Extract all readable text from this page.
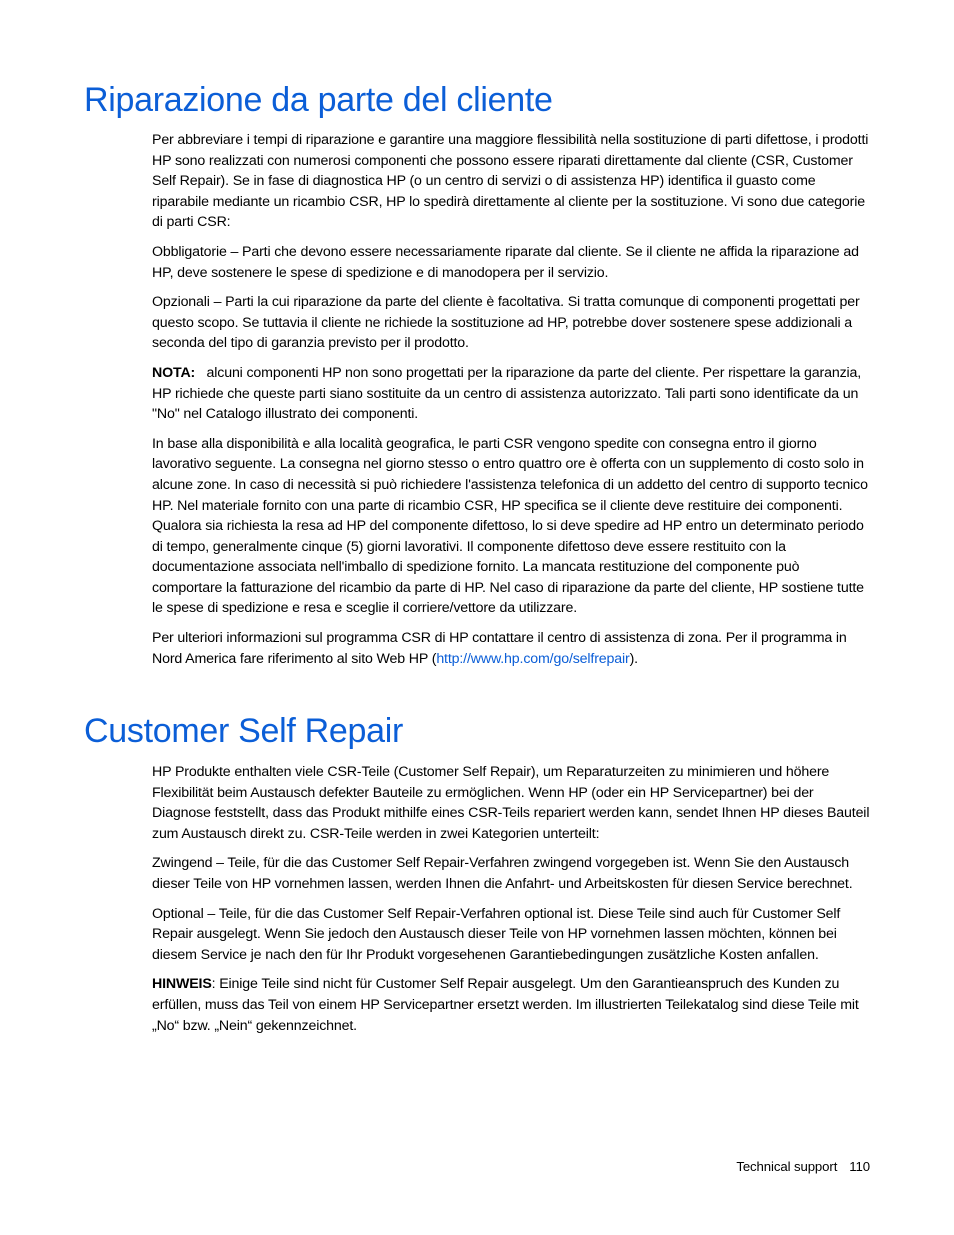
Riparazione da parte del cliente

Per abbreviare i tempi di riparazione e garantire una maggiore flessibilità nella sostituzione di parti difettose, i prodotti HP sono realizzati con numerosi componenti che possono essere riparati direttamente dal cliente (CSR, Customer Self Repair). Se in fase di diagnostica HP (o un centro di servizi o di assistenza HP) identifica il guasto come riparabile mediante un ricambio CSR, HP lo spedirà direttamente al cliente per la sostituzione. Vi sono due categorie di parti CSR:

Obbligatorie – Parti che devono essere necessariamente riparate dal cliente. Se il cliente ne affida la riparazione ad HP, deve sostenere le spese di spedizione e di manodopera per il servizio.

Opzionali – Parti la cui riparazione da parte del cliente è facoltativa. Si tratta comunque di componenti progettati per questo scopo. Se tuttavia il cliente ne richiede la sostituzione ad HP, potrebbe dover sostenere spese addizionali a seconda del tipo di garanzia previsto per il prodotto.

NOTA: alcuni componenti HP non sono progettati per la riparazione da parte del cliente. Per rispettare la garanzia, HP richiede che queste parti siano sostituite da un centro di assistenza autorizzato. Tali parti sono identificate da un "No" nel Catalogo illustrato dei componenti.

In base alla disponibilità e alla località geografica, le parti CSR vengono spedite con consegna entro il giorno lavorativo seguente. La consegna nel giorno stesso o entro quattro ore è offerta con un supplemento di costo solo in alcune zone. In caso di necessità si può richiedere l'assistenza telefonica di un addetto del centro di supporto tecnico HP. Nel materiale fornito con una parte di ricambio CSR, HP specifica se il cliente deve restituire dei componenti. Qualora sia richiesta la resa ad HP del componente difettoso, lo si deve spedire ad HP entro un determinato periodo di tempo, generalmente cinque (5) giorni lavorativi. Il componente difettoso deve essere restituito con la documentazione associata nell'imballo di spedizione fornito. La mancata restituzione del componente può comportare la fatturazione del ricambio da parte di HP. Nel caso di riparazione da parte del cliente, HP sostiene tutte le spese di spedizione e resa e sceglie il corriere/vettore da utilizzare.

Per ulteriori informazioni sul programma CSR di HP contattare il centro di assistenza di zona. Per il programma in Nord America fare riferimento al sito Web HP (http://www.hp.com/go/selfrepair).

Customer Self Repair

HP Produkte enthalten viele CSR-Teile (Customer Self Repair), um Reparaturzeiten zu minimieren und höhere Flexibilität beim Austausch defekter Bauteile zu ermöglichen. Wenn HP (oder ein HP Servicepartner) bei der Diagnose feststellt, dass das Produkt mithilfe eines CSR-Teils repariert werden kann, sendet Ihnen HP dieses Bauteil zum Austausch direkt zu. CSR-Teile werden in zwei Kategorien unterteilt:

Zwingend – Teile, für die das Customer Self Repair-Verfahren zwingend vorgegeben ist. Wenn Sie den Austausch dieser Teile von HP vornehmen lassen, werden Ihnen die Anfahrt- und Arbeitskosten für diesen Service berechnet.

Optional – Teile, für die das Customer Self Repair-Verfahren optional ist. Diese Teile sind auch für Customer Self Repair ausgelegt. Wenn Sie jedoch den Austausch dieser Teile von HP vornehmen lassen möchten, können bei diesem Service je nach den für Ihr Produkt vorgesehenen Garantiebedingungen zusätzliche Kosten anfallen.

HINWEIS: Einige Teile sind nicht für Customer Self Repair ausgelegt. Um den Garantieanspruch des Kunden zu erfüllen, muss das Teil von einem HP Servicepartner ersetzt werden. Im illustrierten Teilekatalog sind diese Teile mit „No“ bzw. „Nein“ gekennzeichnet.

Technical support 110
